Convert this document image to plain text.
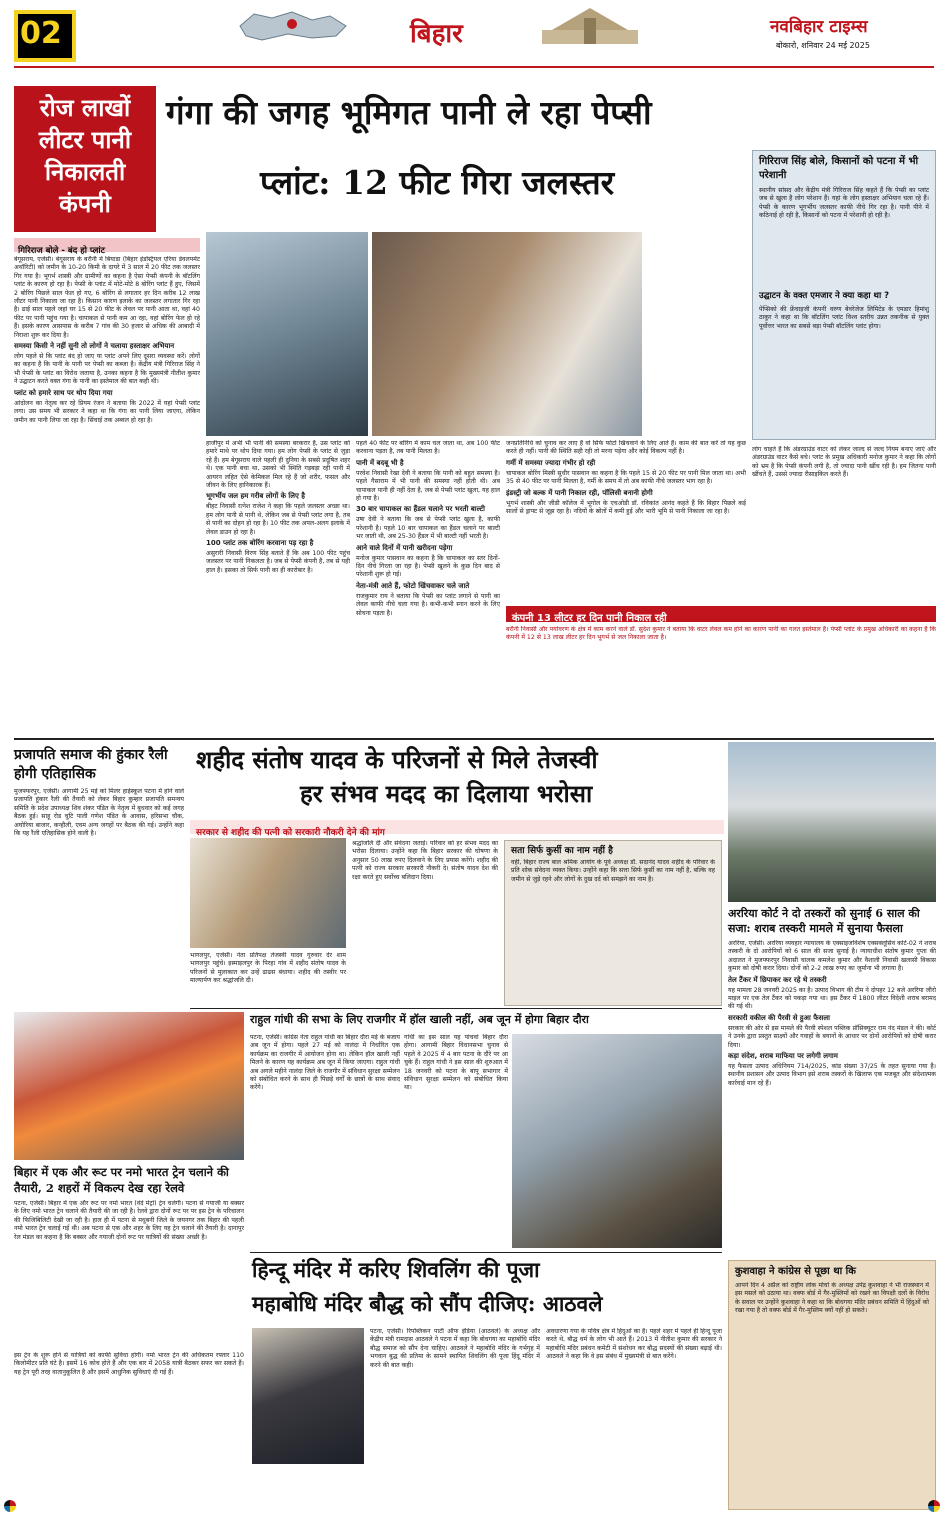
02	बिहार	नवबिहार टाइम्स
बोकारो, शनिवार 24 मई 2025
रोज लाखों
लीटर पानी
निकालती
कंपनी
गंगा की जगह भूमिगत पानी ले रहा पेप्सी
प्लांट: 12 फीट गिरा जलस्तर
गिरिराज सिंह बोले, किसानों को पटना में भी परेशानी
स्थानीय सांसद और केंद्रीय मंत्री गिरिराज सिंह कहते हैं कि पेप्सी का प्लांट जब से खुला है लोग परेशान हैं। यहां के लोग हस्ताक्षर अभियान चला रहे हैं। पेप्सी के कारण भूगर्भीय जलस्तर काफी नीचे गिर रहा है। पानी पीने में कठिनाई हो रही है, किसानों को पटना में परेशानी हो रही है।
उद्घाटन के वक्त एमजार ने क्या कहा था ?
पेप्सिको की फ्रेंचाइजी कंपनी वरुण बेवरेजेज लिमिटेड के एमडार हिमांशु ठाकुर ने कहा था कि बॉटलिंग प्लांट विश्व स्तरीय उन्नत तकनीक से युक्त पूर्वोत्तर भारत का सबसे बड़ा पेप्सी बॉटलिंग प्लांट होगा।
गिरिराज बोले - बंद हो प्लांट

बेगूसराय, एजेंसी। बेगूसराय के बरौनी में बियाडा (बिहार इंडस्ट्रियल एरिया डेवलपमेंट अथॉरिटी) को जमीन के 10-20 किमी के दायरे में 3 साल में 20 फीट तक जलस्तर गिर गया है। भूगर्भ शास्त्री और ग्रामीणों का कहना है ऐसा पेप्सी कंपनी के बॉटलिंग प्लांट के कारण हो रहा है। पेप्सी के प्लांट में मोटे-मोटे 8 बोरिंग प्लांट हैं हुए, जिसमें 2 बोरिंग पिछले साल फेल हो गए, 6 बोरिंग से लगातार हर दिन करीब 12 लाख लीटर पानी निकाला जा रहा है। किसान कारण इलाके का जलस्तर लगातार गिर रहा है। ढाई साल पहले जहां घर 15 से 20 फीट के लेवल पर पानी आता था, वहां 40 फीट पर पानी पहुंच गया है। चापाकल से पानी कम आ रहा, वहां बोरिंग फेल हो रहे हैं। इसके कारण आसपास के करीब 7 गांव की 30 हजार से अधिक की आबादी में निराशा शुरू कर दिया है।

समस्या किसी ने नहीं सुनी तो लोगों ने चलाया हस्ताक्षर अभियान

लोग पहले से कि प्लांट बंद हो जाए या प्लांट अपने लिए दूसरा व्यवस्था करें। लोगों का कहना है कि पानी के पानी पर पेप्सी का कब्जा है। केंद्रीय मंत्री गिरिराज सिंह ने भी पेप्सी के प्लांट का विरोध जताया है, उनका कहना है कि मुख्यमंत्री नीतीश कुमार ने उद्घाटन करते वक्त गंगा के पानी का इस्तेमाल की बात कही थी।

प्लांट को हमारे साथ पर थोप दिया गया

आंदोलन का नेतृत्व कर रहे प्रियम रंजन ने बताया कि 2022 में यहां पेप्सी प्लांट लगा। उस समय भी सरकार ने कहा था कि गंगा का पानी लिया जाएगा, लेकिन जमीन का पानी लिया जा रहा है। सिंचाई तक अब्वल हो रहा है।

हाजीपुर में अभी भी पानी की समस्या बरकरार है, उस प्लांट को हमारे माथे पर थोप दिया गया। हम लोग पेप्सी के प्लांट से जुड़ा रहे हैं। हम बेगूसराय वाले पहली ही दुनिया के सबसे प्रदूषित शहर थे। एक पानी बचा था, उसको भी स्थिति गड़बड़ा रही पानी में आयरन लहित ऐसे केमिकल मिल रहे हैं जो शरीर, फसल और जीवन के लिए हानिकारक हैं।

भूगर्भीय जल हम गरीब लोगों के लिए है

बीहट निवासी रत्नेश राजेश ने कहा कि पहले जलस्तर अच्छा था। हम लोग पानी से पानी थे, लेकिन जब से पेप्सी प्लांट लगा है, तब से पानी का दोहन हो रहा है। 10 फीट तक अपल-अलग इलाके में लेवल डाउन हो रहा है।

100 प्लांट तक बोरिंग करवाना पड़ रहा है

असुरारी निवासी विरण सिंह बताते हैं कि अब 100 फीट पहुंच जलस्तर पर पानी निकलता है। जब से पेप्सी कंपनी है, तब से यही हाल है। इसका तो सिर्फ पानी का ही कारोबार है।

पहले 40 फीट पर बोरिंग में काम चल जाता था, अब 100 फीट करवाना पड़ता है, तब पानी मिलता है।

पानी में बदबू भी है

परवेश निवासी रेखा देवी ने बताया कि पानी को बहुत समस्या है। पहले गैसाराम में भी पानी की समस्या नहीं होती थी। अब चापाकल पानी ही नहीं देता है, जब से पेप्सी प्लांट खुला, यह हाल हो गया है।

30 बार चापाकल का हैंडल चलाने पर भरती बाल्टी

उषा देवी ने बताया कि जब से पेप्सी प्लांट खुला है, काफी परेशानी है। पहले 10 बार चापाकल का हैंडल चलाने पर बाल्टी भर जाती थी, अब 25-30 हैंडल में भी बाल्टी नहीं भरती है।

आने वाले दिनों में पानी खरीदना पड़ेगा

मनोज कुमार पासवान का कहना है कि चापाकल का स्तर दिनों-दिन नीचे गिरता जा रहा है। पेप्सी खुलने के कुछ दिन बाद से परेशानी शुरू हो गई।

नेता-मंत्री आते हैं, फोटो खिंचवाकर चले जाते

राजकुमार राय ने बताया कि पेप्सी का प्लांट लगाने से पानी का लेवल काफी नीचे चला गया है। कभी-कभी स्नान करने के लिए सोचना पड़ता है।

जनप्रतिनिधि को चुनाव कर लाए हैं वो सिर्फ फोटो खिंचवाने के लिए आते हैं। काम की बात करें तो यह कुछ करते ही नहीं। पानी की स्थिति सही रही तो मरना पड़ेगा और कोई विकल्प नहीं है।

गर्मी में समस्या ज्यादा गंभीर हो रही

चापाकल बोरिंग मिस्त्री सुधीर पासवान का कहना है कि पहले 15 से 20 फीट पर पानी मिल जाता था। अभी 35 से 40 फीट पर पानी मिलता है, गर्मी के समय में तो अब काफी नीचे जलस्तर भाग रहा है।

इंडस्ट्री जो बल्क में पानी निकाल रही, पॉलिसी बनानी होगी

भूगर्भ शास्त्री और जीडी कॉलेज में भूगोल के एचओडी डॉ. रविकांत आनंद कहते हैं कि बिहार पिछले कई सालों से ड्राफ्ट से जूझ रहा है। नदियों के स्रोतों में कमी हुई और भारी भूमि से पानी निकाला जा रहा है।

लोग चाहते हैं कि अंडरग्राउंड वाटर को लेकर जाल्द से जल्द नियम बनाए जाएं और अंडरग्राउंड वाटर कैसे बचे। प्लांट के प्रमुख अधिकारी मनोज कुमार ने कहा कि लोगों को भ्रम है कि पेप्सी कंपनी लगी है, तो ज्यादा पानी खींच रही है। हम जितना पानी खींचते हैं, उससे ज्यादा रीसाइकिल करते हैं।
कंपनी 13 लीटर हर दिन पानी निकाल रही
बरौनी निवासी और पर्यावरण के क्षेत्र में काम करने वाले डॉ. सुदेश कुमार ने बताया कि वाटर लेवल कम होने का कारण पानी का गलत इस्तेमाल है। पेप्सी प्लांट के प्रमुख अधिकारी का कहना है कि कंपनी में 12 से 13 लाख लीटर हर दिन भूगर्भ से जल निकाला जाता है।
प्रजापति समाज की हुंकार रैली होगी एतिहासिक
मुजफ्फरपुर, एजेंसी। आगामी 25 मई को मिलर हाईस्कूल पटना में होने वाले प्रजापति हुंकार रैली की तैयारी को लेकर बिहार कुम्हार प्रजापति समन्वय समिति के प्रदेश उपाध्यक्ष शिव शंकर पंडित के नेतृत्व में बुधवार को कई जगह बैठक हुई। साहू रोड चुटि पाली गणेश पंडित के आवास, हरिसभा चौक, अघोरिया बाजार, कन्हौली, एवम अन्य जगहों पर बैठक की गई। उन्होंने कहा कि यह रैली एतिहासिक होने वाली है।
शहीद संतोष यादव के परिजनों से मिले तेजस्वी
हर संभव मदद का दिलाया भरोसा
सरकार से शहीद की पत्नी को सरकारी नौकरी देने की मांग
भागलपुर, एजेंसी। नेता प्रतिपक्ष तेजस्वी यादव गुरुवार देर शाम भागलपुर पहुंचे। इस्माइलपुर के पिरहा गांव में शहीद संतोष यादव के परिजनों से मुलाकात कर उन्हें ढाढस बंधाया। शहीद की तस्वीर पर माल्यार्पण कर श्रद्धांजलि दी।
श्रद्धांजलि दी और संवेदना जताई। परिवार को हर संभव मदद का भरोसा दिलाया। उन्होंने कहा कि बिहार सरकार की घोषणा के अनुसार 50 लाख रुपए दिलवाने के लिए प्रयास करेंगे। शहीद की पत्नी को राज्य सरकार सरकारी नौकरी दे। संतोष यादव देश की रक्षा करते हुए सर्वोच्च बलिदान दिया।
सता सिर्फ कुर्सी का नाम नहीं है
वहीं, बिहार राज्य बाल श्रमिक आयोग के पूर्व अध्यक्ष डॉ. सदानंद यादव शहीद के परिवार के प्रति शोक संवेदना व्यक्त किया। उन्होंने कहा कि सत्ता सिर्फ कुर्सी का नाम नहीं है, बल्कि वह जमीन से जुड़े रहने और लोगों के दुख दर्द को समझने का नाम है।
अररिया कोर्ट ने दो तस्करों को सुनाई 6 साल की सजा: शराब तस्करी मामले में सुनाया फैसला

अररिया, एजेंसी। अररिया व्यवहार न्यायालय के एक्साइजविशेष एक्सक्लूसिव कोर्ट-02 ने शराब तस्करी के दो आरोपियों को 6 साल की सजा सुनाई है। न्यायाधीश संतोष कुमार गुप्ता की अदालत ने मुजफ्फरपुर निवासी चालक कमलेश कुमार और वैशाली निवासी खलासी विकास कुमार को दोषी करार दिया। दोनों को 2-2 लाख रुपए का जुर्माना भी लगाया है।

तेल टैंकर में छिपाकर कर रहे थे तस्करी

यह मामला 28 जनवरी 2025 का है। उत्पाद विभाग की टीम ने दोपहर 12 बजे अररिया जीरो माइल पर एक तेल टैंकर को पकड़ा गया था। इस टैंकर में 1800 लीटर विदेशी शराब बरामद की गई थी।

सरकारी वकील की पैरवी से हुआ फैसला

सरकार की ओर से इस मामले की पैरवी स्पेशल पब्लिक प्रॉसिक्यूटर राम नंद मंडल ने की। कोर्ट ने उनके द्वारा प्रस्तुत साक्ष्यों और गवाहों के बयानों के आधार पर दोनों आरोपियों को दोषी करार दिया।

कड़ा संदेश, शराब माफिया पर लगेगी लगाम

यह फैसला उत्पाद अधिनियम 714/2025, कांड संख्या 37/25 के तहत सुनाया गया है। स्थानीय प्रशासन और उत्पाद विभाग इसे शराब तस्करों के खिलाफ एक मजबूत और संदेशात्मक कार्रवाई मान रहे हैं।

राहुल गांधी की सभा के लिए राजगीर में हॉल खाली नहीं, अब जून में होगा बिहार दौरा
पटना, एजेंसी। कांग्रेस नेता राहुल गांधी का बिहार दौरा मई के बजाय अब जून में होगा। पहले 27 मई को नालंदा में निर्धारित एक कार्यक्रम का राजगीर में आयोजन होना था। लेकिन हॉल खाली नहीं मिलने के कारण यह कार्यक्रम अब जून में किया जाएगा। राहुल गांधी अब अगले महीने नालंदा जिले के राजगीर में संविधान सुरक्षा सम्मेलन को संबोधित करने के साथ ही पिछड़े वर्गों के छात्रों के साथ संवाद करेंगे।
गांधी का इस साल यह पांचवां बिहार दौरा होगा। आगामी बिहार विधानसभा चुनाव से पहले वे 2025 में 4 बार पटना के दौरे पर आ चुके हैं। राहुल गांधी ने इस साल की शुरुआत में 18 जनवरी को पटना के बापू सभागार में संविधान सुरक्षा सम्मेलन को संबोधित किया था।
बिहार में एक और रूट पर नमो भारत ट्रेन चलाने की तैयारी, 2 शहरों में विकल्प देख रहा रेलवे
पटना, एजेंसी। बिहार में एक और रूट पर नमो भारत (वंदे मेट्रो) ट्रेन चलेगी। पटना से गयाजी या बक्सर के लिए नमो भारत ट्रेन चलाने की तैयारी की जा रही है। रेलवे द्वारा दोनों रूट पर पर इस ट्रेन के परिचालन की फिजिबिलिटी देखी जा रही है। हाल ही में पटना से मधुबनी जिले के जयनगर तक बिहार की पहली नमो भारत ट्रेन चलाई गई थी। अब पटना से एक और शहर के लिए यह ट्रेन चलाने की तैयारी है। दानापुर रेल मंडल का कहना है कि बक्सर और गयाजी दोनों रूट पर यात्रियों की संख्या अच्छी है।
इस ट्रेन के शुरू होने से यात्रियों को काफी सुविधा होगी। नमो भारत ट्रेन की अधिकतम रफ्तार 110 किलोमीटर प्रति घंटे है। इसमें 16 कोच होते हैं और एक बार में 2058 यात्री बैठकर सफर कर सकते हैं। यह ट्रेन पूरी तरह वातानुकूलित है और इसमें आधुनिक सुविधाएं दी गई हैं।
हिन्दू मंदिर में करिए शिवलिंग की पूजा
महाबोधि मंदिर बौद्ध को सौंप दीजिए: आठवले
पटना, एजेंसी। रिपब्लिकन पार्टी ऑफ इंडिया (आठवले) के अध्यक्ष और केंद्रीय मंत्री रामदास आठवले ने पटना में कहा कि बोधगया का महाबोधि मंदिर बौद्ध समाज को सौंप देना चाहिए। आठवले ने महाबोधि मंदिर के गर्भगृह में भगवान बुद्ध की प्रतिमा के सामने स्थापित शिवलिंग की पूजा हिंदू मंदिर में करने की बात कही।
अवधारणा गया के पवित्र क्षेत्र में हिंदुओं का है। पहले शहर में पहले ही हिन्दू पूजा करते थे, बौद्ध धर्म के लोग भी आते हैं। 2013 में नीतीश कुमार की सरकार ने महाबोधि मंदिर प्रबंधन कमेटी में संशोधन कर बौद्ध सदस्यों की संख्या बढ़ाई थी। आठवले ने कहा कि वे इस संबंध में मुख्यमंत्री से बात करेंगे।
कुशवाहा ने कांग्रेस से पूछा था कि
आपने दिन 4 अप्रैल को राष्ट्रीय लोक मोर्चा के अध्यक्ष उपेंद्र कुशवाहा ने भी राजस्थान में इस मसले को उठाया था। वक्फ बोर्ड में गैर-मुस्लिमों को रखने का विपक्षी दलों के विरोध के सवाल पर उन्होंने कुशवाहा ने कहा था कि बोधगया मंदिर प्रबंधन समिति में हिंदुओं को रखा गया है तो वक्फ बोर्ड में गैर-मुस्लिम क्यों नहीं हो सकते।
